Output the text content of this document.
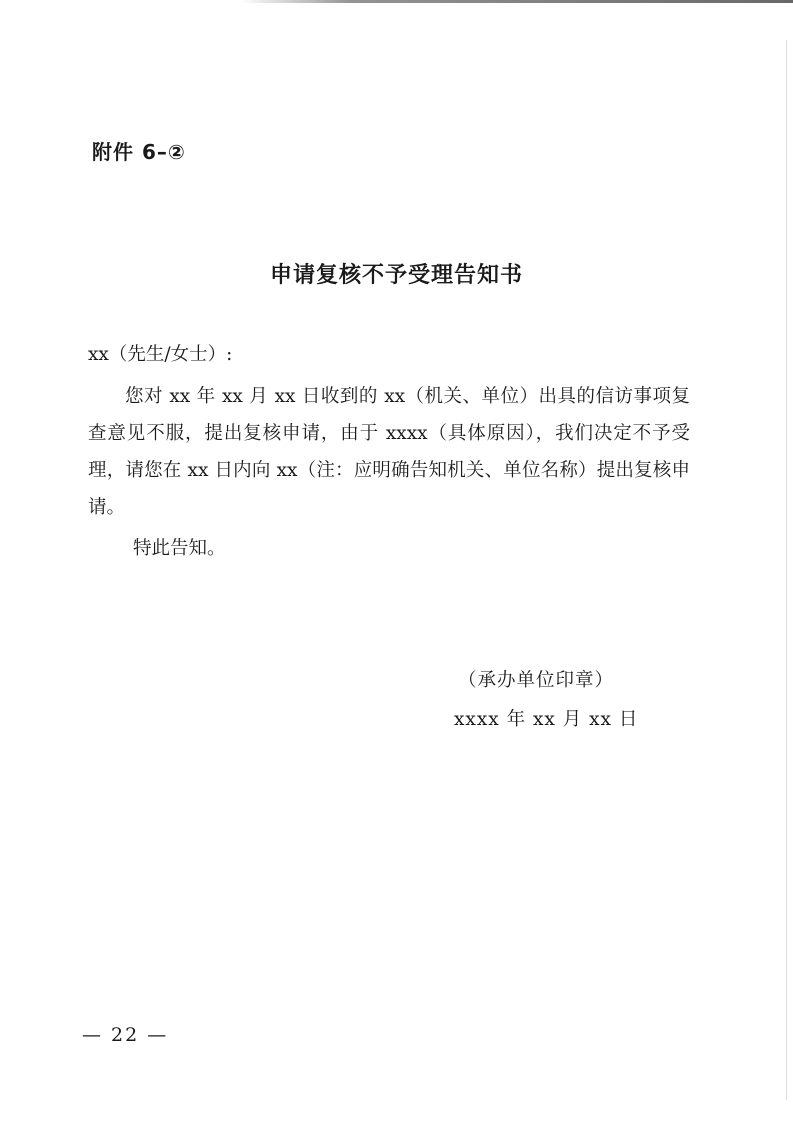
附件 6–②
申请复核不予受理告知书
xx（先生/女士）:

您对 xx 年 xx 月 xx 日收到的 xx（机关、单位）出具的信访事项复查意见不服，提出复核申请，由于 xxxx（具体原因），我们决定不予受理，请您在 xx 日内向 xx（注：应明确告知机关、单位名称）提出复核申请。

特此告知。
（承办单位印章）
xxxx 年 xx 月 xx 日
— 22 —
